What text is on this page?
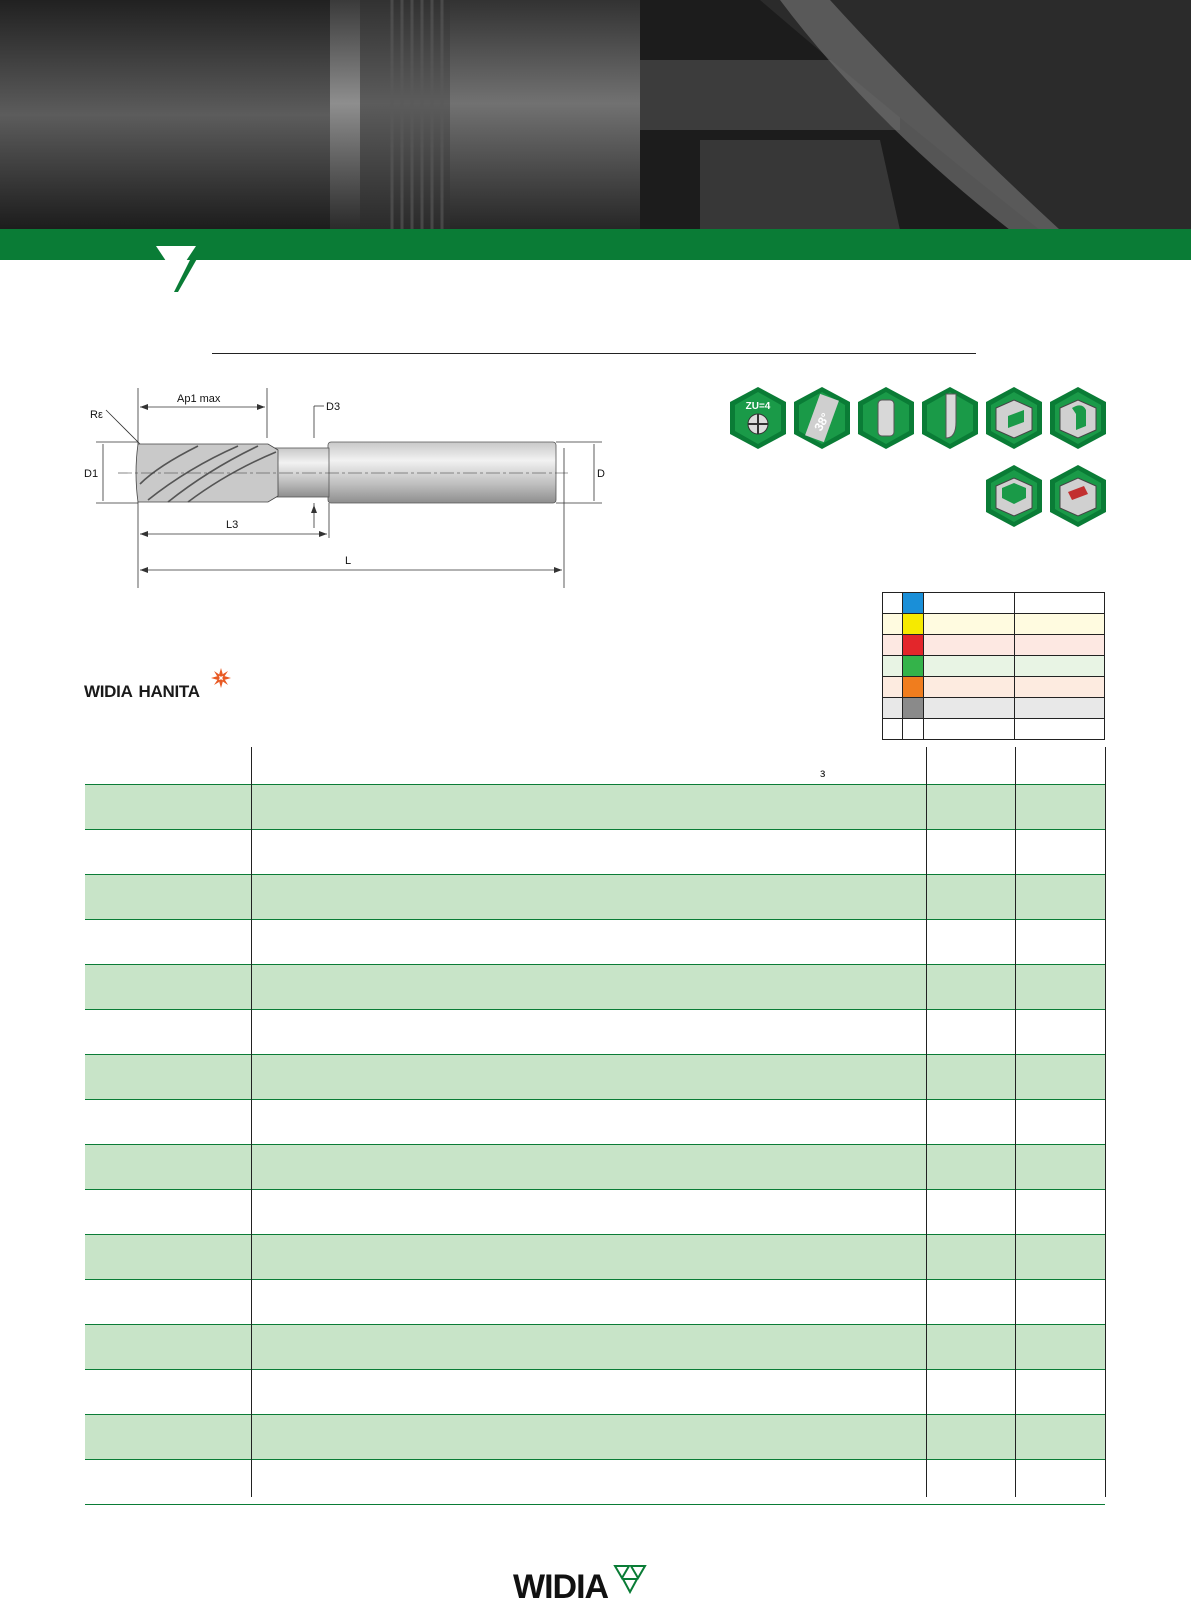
Ap1 max
Rε
D3
D1	D
L3
L
ZU=4
38°

WIDIA HANITA
ε
WIDIA
